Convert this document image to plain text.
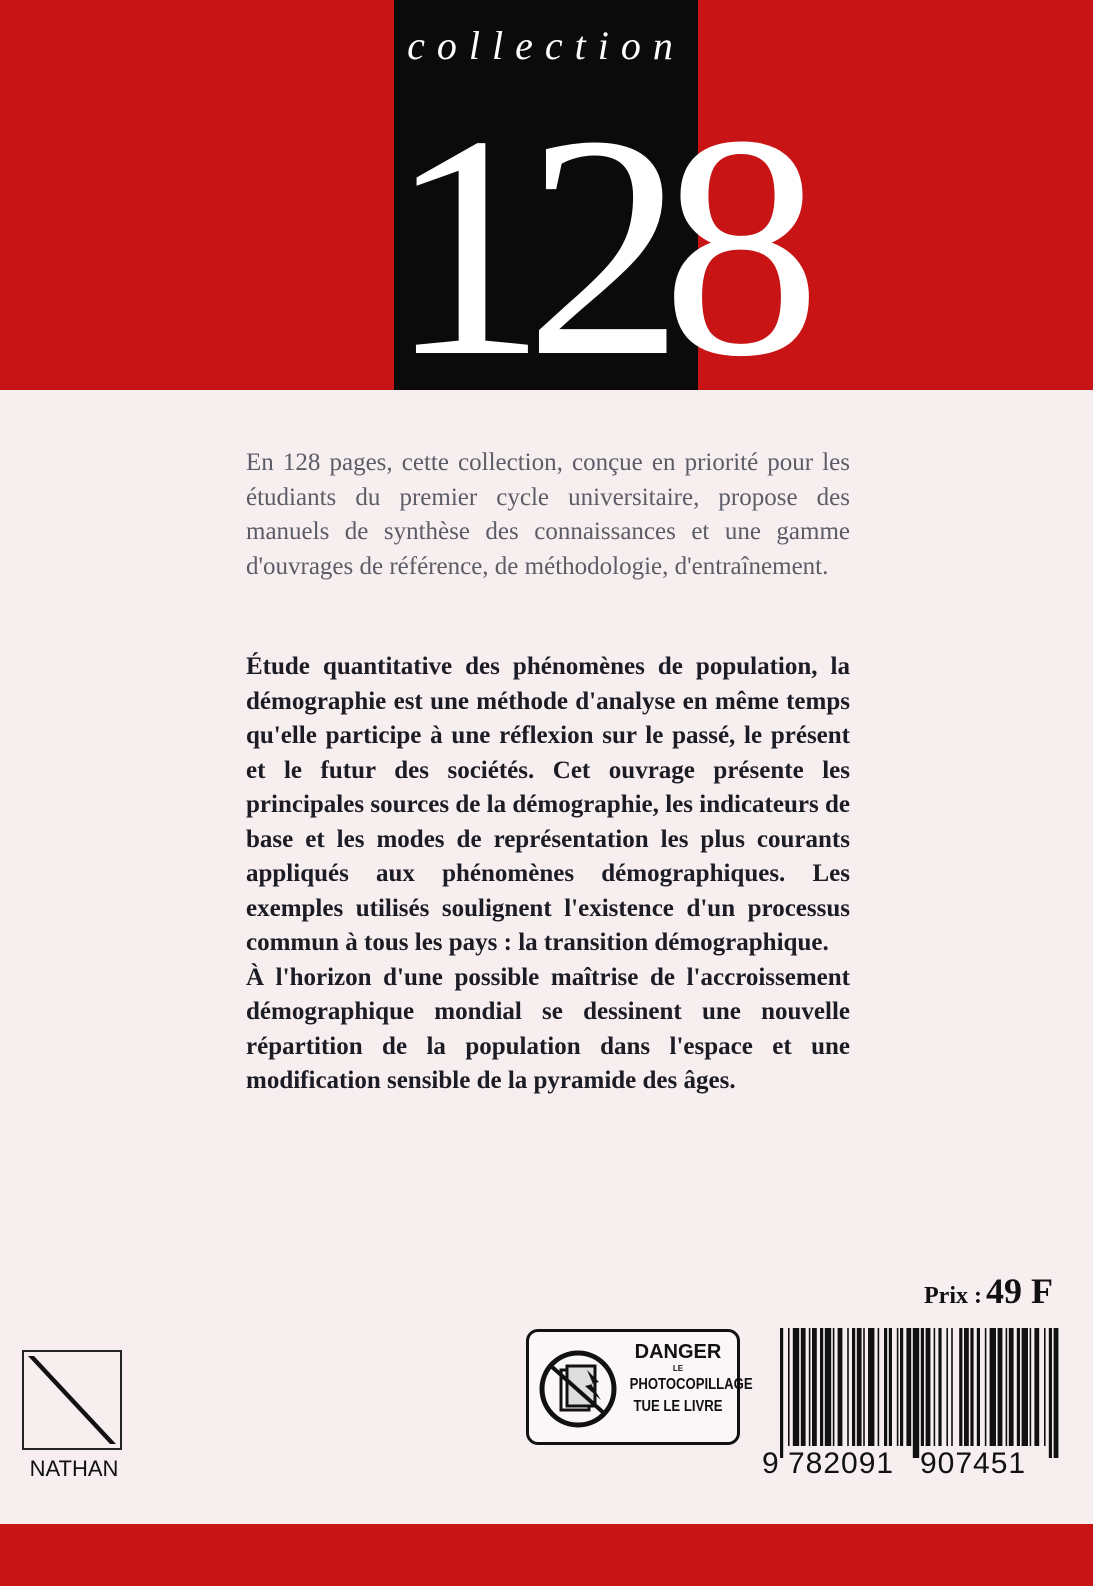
collection
128
En 128 pages, cette collection, conçue en priorité pour les étudiants du premier cycle universitaire, propose des manuels de synthèse des connaissances et une gamme d'ouvrages de référence, de méthodologie, d'entraînement.

Étude quantitative des phénomènes de population, la démographie est une méthode d'analyse en même temps qu'elle participe à une réflexion sur le passé, le présent et le futur des sociétés. Cet ouvrage présente les principales sources de la démographie, les indicateurs de base et les modes de représentation les plus courants appliqués aux phénomènes démographiques. Les exemples utilisés soulignent l'existence d'un processus commun à tous les pays : la transition démographique.

À l'horizon d'une possible maîtrise de l'accroissement démographique mondial se dessinent une nouvelle répartition de la population dans l'espace et une modification sensible de la pyramide des âges.

Prix : 49 F
NATHAN
DANGER
LE
PHOTOCOPILLAGE
TUE LE LIVRE
9 782091 907451
